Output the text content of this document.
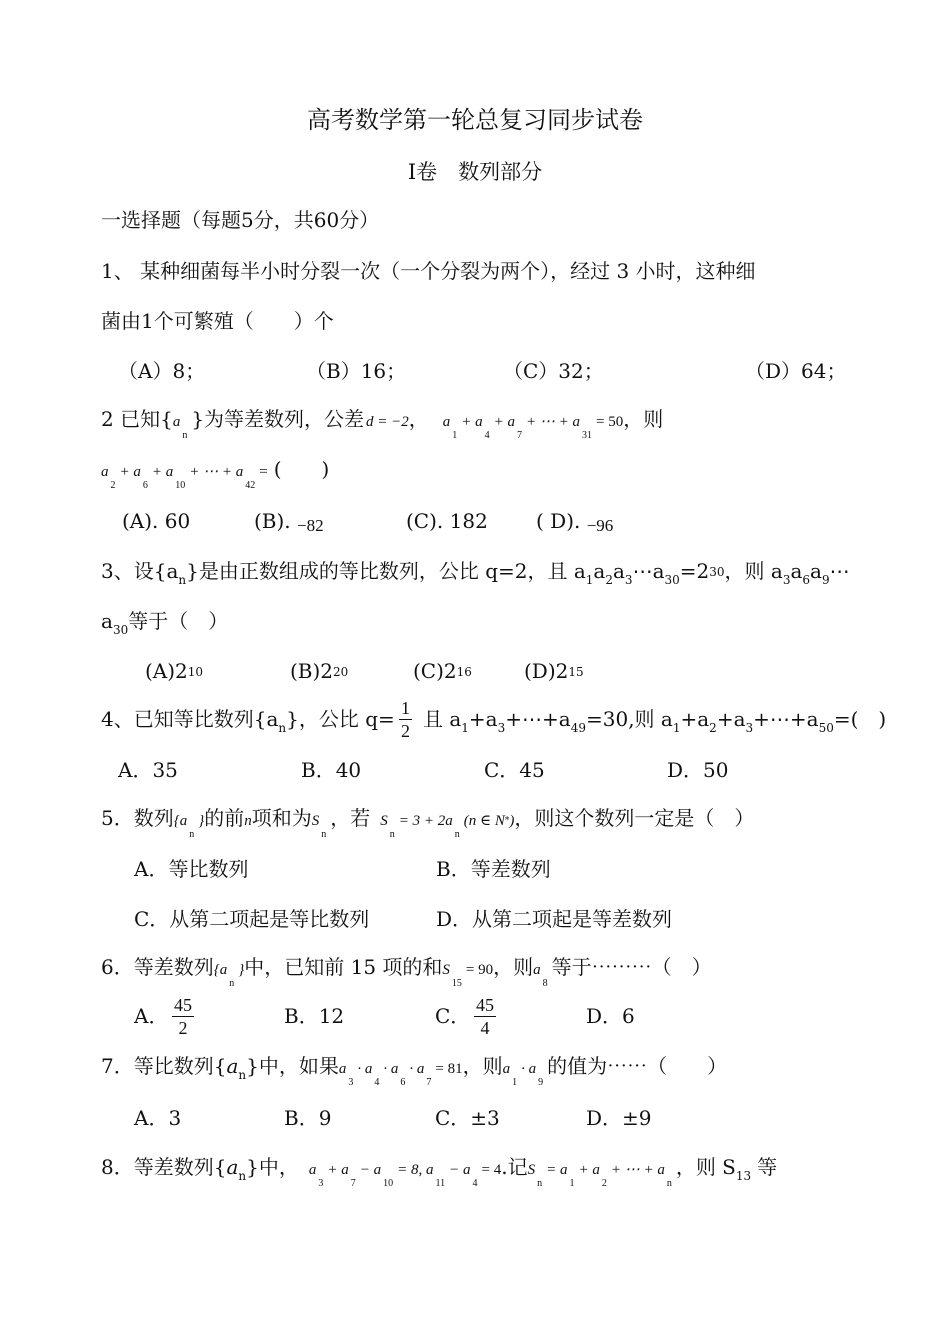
高考数学第一轮总复习同步试卷
I卷　数列部分
一选择题（每题5分，共60分）
1、 某种细菌每半小时分裂一次（一个分裂为两个），经过 3 小时，这种细
菌由1个可繁殖（　　）个
（A）8；	（B）16；	（C）32；	（D）64；
2 已知$\{a_n\}$为等差数列，公差 d = −2， $a_1+ a_4+ a_7+$ ⋯ + $a_{31}= 50$，则
$a_2+ a_6+ a_{10}+$ ⋯ + $a_{42}=$ (　　)
(A). 60	(B). −82	(C). 182 ( D). −96
3、设$\{a_n\}$是由正数组成的等比数列，公比 q=2，且 $a_1a_2a_3\cdots a_{30}=230$，则 $a_3a_6a_9\cdots$
$a_{30}$等于（　）
(A)210	(B)220	(C)216	(D)215
4、已知等比数列$\{a_n\}$，公比 $q= \frac{1}{2}$ 且 $a_1+a_3+\cdots+a_{49}=30$,则 $a_1+a_2+a_3+\cdots+a_{50}=$(　)
A．35	B．40	C．45	D．50
5．数列$\{a_n\}$的前n项和为$S_n$，若 $S_n= 3 + 2a_n(n$ ∈ N*)，则这个数列一定是（　）
A．等比数列	B．等差数列
C．从第二项起是等比数列	D．从第二项起是等差数列
6．等差数列$\{a_n\}$中，已知前 15 项的和$S_{15}= 90$，则$a_8$等于⋯⋯⋯（　）
A． $\frac{45}{2}$	B．12	C． $\frac{45}{4}$	D．6
7．等比数列$\{a_n\}$中，如果$a_3\cdot a_4\cdot a_6\cdot a_7= 81$，则$a_1\cdot a_9$的值为⋯⋯（　　）
A．3	B．9	C．±3	D．±9
8．等差数列$\{a_n\}$中， $a_3+ a_7- a_{10}= 8$, $a_{11}- a_4= 4$.记$S_n= a_1+ a_2+$ ⋯ + $a_n$，则 $S_{13}$ 等
